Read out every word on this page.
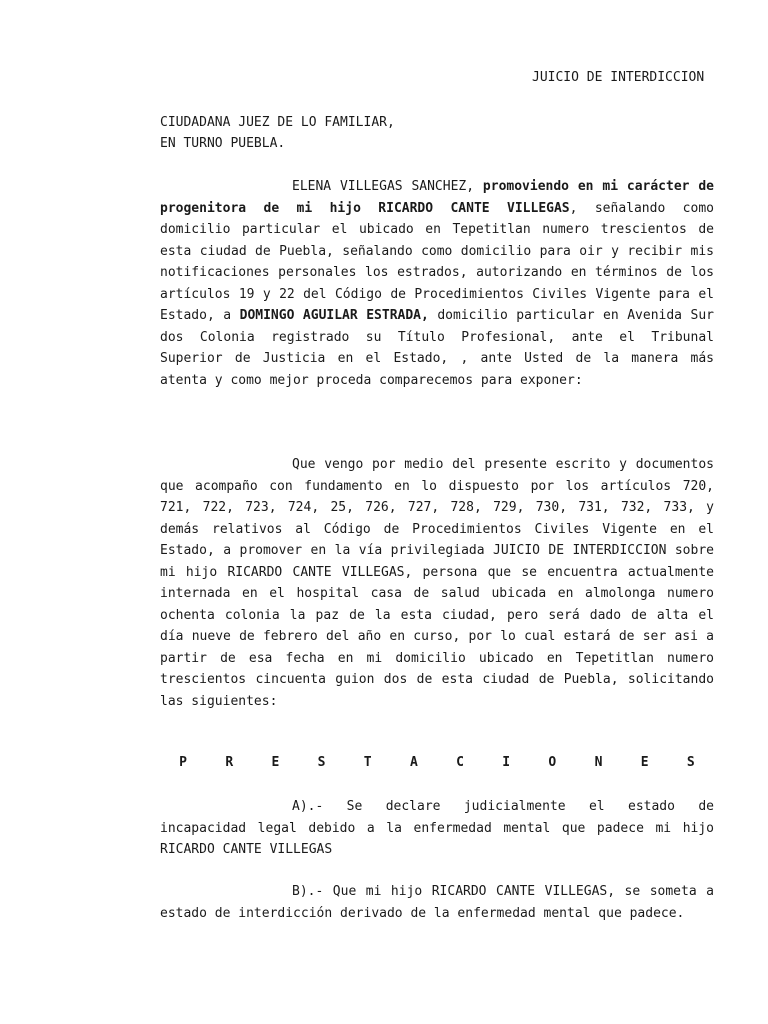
JUICIO DE INTERDICCION
CIUDADANA JUEZ DE LO FAMILIAR,
EN TURNO PUEBLA.

ELENA VILLEGAS SANCHEZ, promoviendo en mi carácter de progenitora de mi hijo RICARDO CANTE VILLEGAS, señalando como domicilio particular el ubicado en Tepetitlan numero trescientos de esta ciudad de Puebla, señalando como domicilio para oir y recibir mis notificaciones personales los estrados, autorizando en términos de los artículos 19 y 22 del Código de Procedimientos Civiles Vigente para el Estado, a DOMINGO AGUILAR ESTRADA, domicilio particular en Avenida Sur dos Colonia registrado su Título Profesional, ante el Tribunal Superior de Justicia en el Estado, , ante Usted de la manera más atenta y como mejor proceda comparecemos para exponer:

Que vengo por medio del presente escrito y documentos que acompaño con fundamento en lo dispuesto por los artículos 720, 721, 722, 723, 724, 25, 726, 727, 728, 729, 730, 731, 732, 733, y demás relativos al Código de Procedimientos Civiles Vigente en el Estado, a promover en la vía privilegiada JUICIO DE INTERDICCION sobre mi hijo RICARDO CANTE VILLEGAS, persona que se encuentra actualmente internada en el hospital casa de salud ubicada en almolonga numero ochenta colonia la paz de la esta ciudad, pero será dado de alta el día nueve de febrero del año en curso, por lo cual estará de ser asi a partir de esa fecha en mi domicilio ubicado en Tepetitlan numero trescientos cincuenta guion dos de esta ciudad de Puebla, solicitando las siguientes:

P	R	E	S	T	A	C	I	O	N	E	S

A).- Se declare judicialmente el estado de incapacidad legal debido a la enfermedad mental que padece mi hijo RICARDO CANTE VILLEGAS

B).- Que mi hijo RICARDO CANTE VILLEGAS, se someta a estado de interdicción derivado de la enfermedad mental que padece.
